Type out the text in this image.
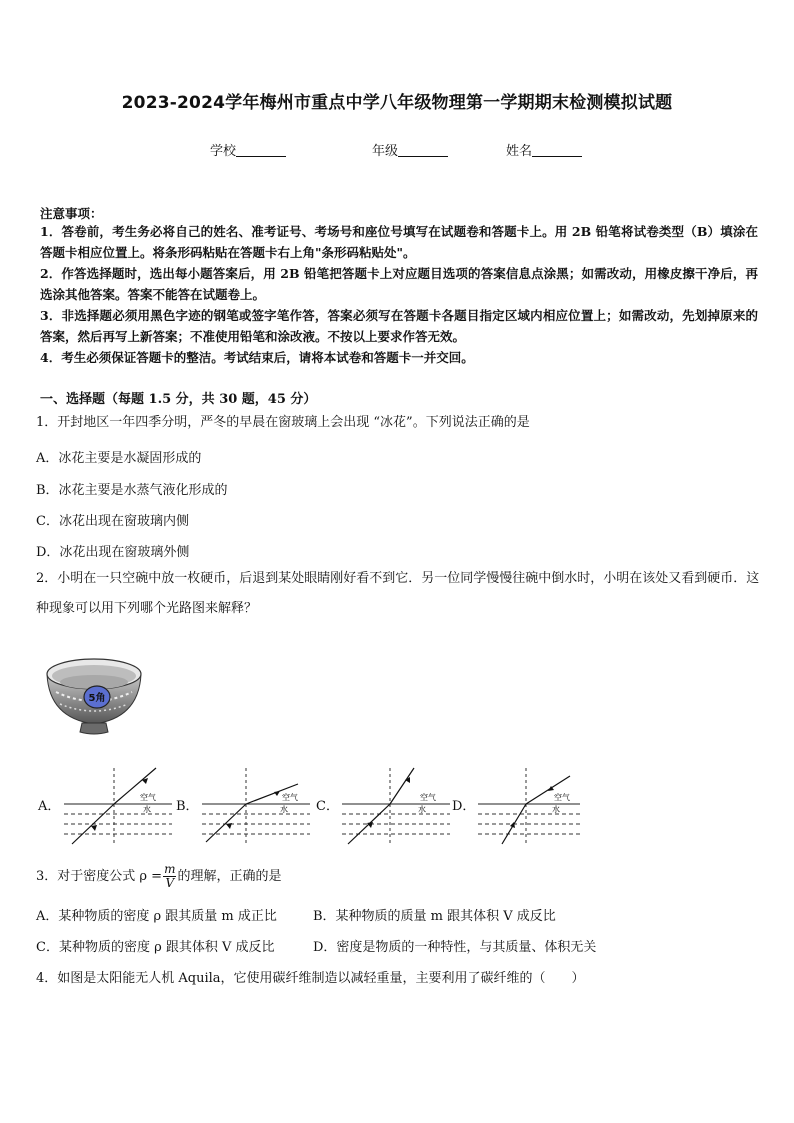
2023-2024学年梅州市重点中学八年级物理第一学期期末检测模拟试题
学校	年级	姓名
注意事项：
1．答卷前，考生务必将自己的姓名、准考证号、考场号和座位号填写在试题卷和答题卡上。用 2B 铅笔将试卷类型（B）填涂在答题卡相应位置上。将条形码粘贴在答题卡右上角"条形码粘贴处"。
2．作答选择题时，选出每小题答案后，用 2B 铅笔把答题卡上对应题目选项的答案信息点涂黑；如需改动，用橡皮擦干净后，再选涂其他答案。答案不能答在试题卷上。
3．非选择题必须用黑色字迹的钢笔或签字笔作答，答案必须写在答题卡各题目指定区域内相应位置上；如需改动，先划掉原来的答案，然后再写上新答案；不准使用铅笔和涂改液。不按以上要求作答无效。
4．考生必须保证答题卡的整洁。考试结束后，请将本试卷和答题卡一并交回。
一、选择题（每题 1.5 分，共 30 题，45 分）
1．开封地区一年四季分明，严冬的早晨在窗玻璃上会出现 “冰花”。下列说法正确的是
A．冰花主要是水凝固形成的
B．冰花主要是水蒸气液化形成的
C．冰花出现在窗玻璃内侧
D．冰花出现在窗玻璃外侧
2．小明在一只空碗中放一枚硬币，后退到某处眼睛刚好看不到它．另一位同学慢慢往碗中倒水时，小明在该处又看到硬币．这种现象可以用下列哪个光路图来解释？
5角
A．
空气
水 B．
空气
水 C．
空气
水 D．
空气
水
3．对于密度公式 $\rho = \frac{m}{V}$ 的理解，正确的是
A．某种物质的密度 ρ 跟其质量 m 成正比	B．某种物质的质量 m 跟其体积 V 成反比
C．某种物质的密度 ρ 跟其体积 V 成反比	D．密度是物质的一种特性，与其质量、体积无关
4．如图是太阳能无人机 Aquila，它使用碳纤维制造以减轻重量，主要利用了碳纤维的（　　）
